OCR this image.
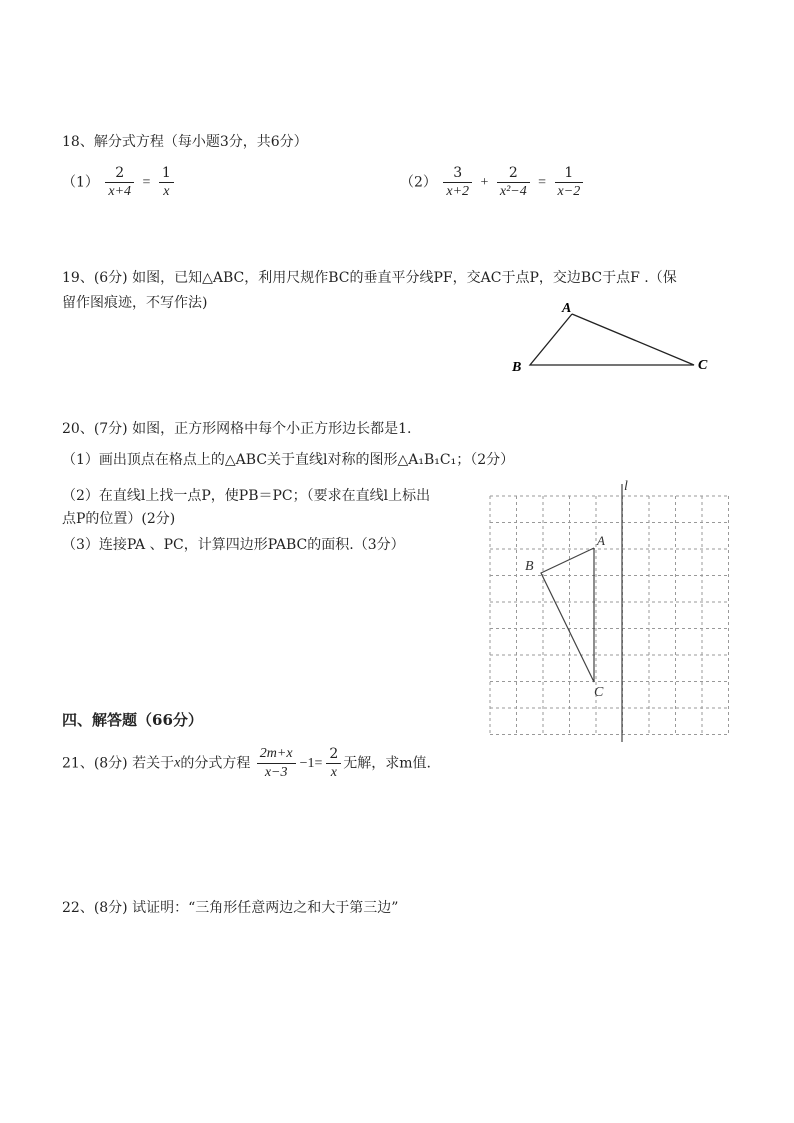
18、解分式方程（每小题3分，共6分）
$(1) \frac{2}{x+4} = \frac{1}{x}$	$(2) \frac{3}{x+2} + \frac{2}{\text{x²−4}} = \frac{1}{x-2}$
19、(6分) 如图，已知△ABC，利用尺规作BC的垂直平分线PF，交AC于点P，交边BC于点F .（保
留作图痕迹，不写作法)	A
B	C
20、(7分) 如图，正方形网格中每个小正方形边长都是1.
（1）画出顶点在格点上的△ABC关于直线l对称的图形△A₁B₁C₁；（2分）
（2）在直线l上找一点P，使PB＝PC；（要求在直线l上标出
点P的位置）(2分)
（3）连接PA 、PC，计算四边形PABC的面积.（3分）
l
A
B
C
四、解答题（66分）
21、(8分) 若关于x的分式方程 $\frac{2m+x}{x-3} -1= \frac{2}{x}$ 无解，求m值.
22、(8分) 试证明：“三角形任意两边之和大于第三边”
